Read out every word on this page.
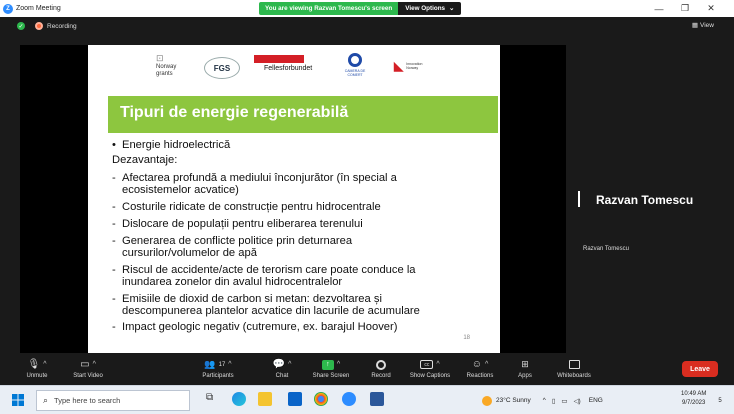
Z Zoom Meeting	You are viewing Razvan Tomescu's screen	View Options ⌄	—	❐	✕
✓	Recording	▦ View
⊡
Norway grants
FGS	Fellesforbundet	CAMERA DE COMERT
◣ Innovation Norway
Tipuri de energie regenerabilă
• Energie hidroelectrică
Dezavantaje:
- Afectarea profundă a mediului înconjurător (în special a
ecosistemelor acvatice)
- Costurile ridicate de construcție pentru hidrocentrale
- Dislocare de populații pentru eliberarea terenului
- Generarea de conflicte politice prin deturnarea
cursurilor/volumelor de apă
- Riscul de accidente/acte de terorism care poate conduce la
inundarea zonelor din avalul hidrocentralelor
- Emisiile de dioxid de carbon si metan: dezvoltarea și
descompunerea plantelor acvatice din lacurile de acumulare
- Impact geologic negativ (cutremure, ex. barajul Hoover)
18
Razvan Tomescu
Razvan Tomescu
🎙 ^
Unmute
▭ ^
Start Video
👥 17 ^
Participants
💬 ^
Chat
↑	^
Share Screen	Record
cc	^
Show Captions
☺ ^
Reactions
⊞
Apps	Whiteboards
Leave
⌕ Type here to search	⧉	23°C Sunny ^ ▯ ▭ ◁) ENG
10:49 AM
9/7/2023	5
